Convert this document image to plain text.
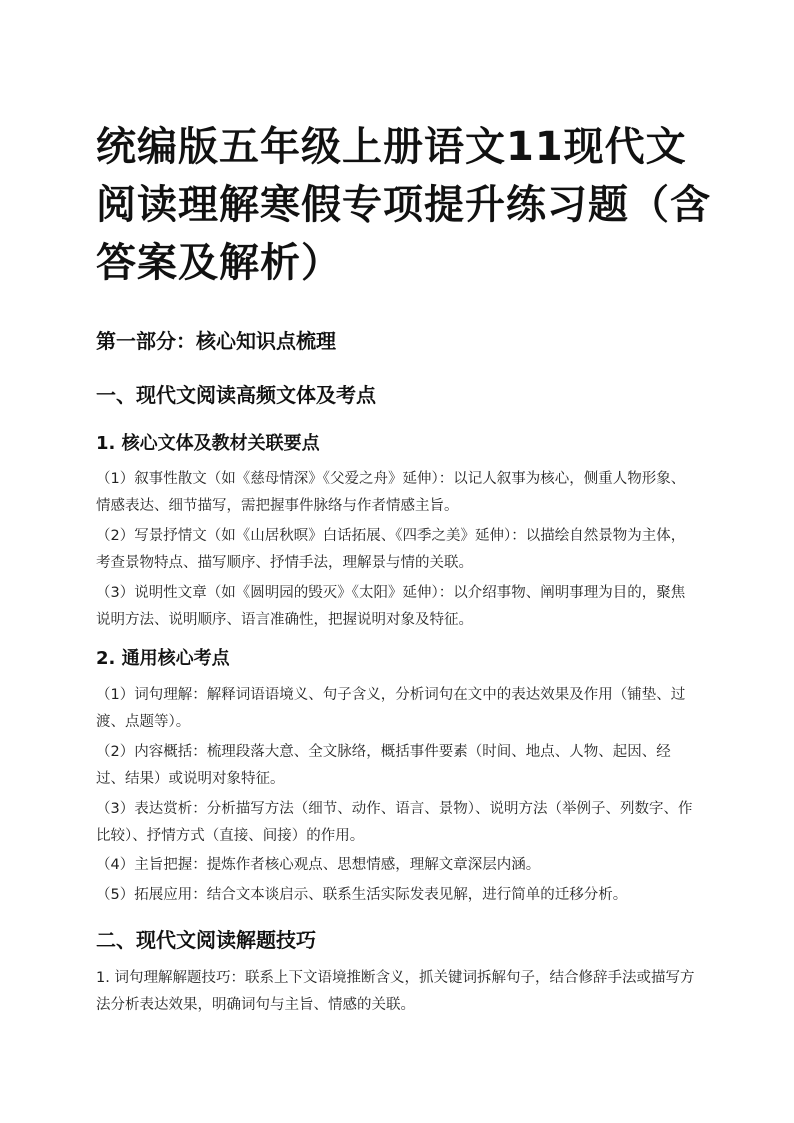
统编版五年级上册语文11现代文阅读理解寒假专项提升练习题（含答案及解析）
第一部分：核心知识点梳理
一、现代文阅读高频文体及考点
1. 核心文体及教材关联要点

（1）叙事性散文（如《慈母情深》《父爱之舟》延伸）：以记人叙事为核心，侧重人物形象、情感表达、细节描写，需把握事件脉络与作者情感主旨。

（2）写景抒情文（如《山居秋暝》白话拓展、《四季之美》延伸）：以描绘自然景物为主体，考查景物特点、描写顺序、抒情手法，理解景与情的关联。

（3）说明性文章（如《圆明园的毁灭》《太阳》延伸）：以介绍事物、阐明事理为目的，聚焦说明方法、说明顺序、语言准确性，把握说明对象及特征。

2. 通用核心考点

（1）词句理解：解释词语语境义、句子含义，分析词句在文中的表达效果及作用（铺垫、过渡、点题等）。

（2）内容概括：梳理段落大意、全文脉络，概括事件要素（时间、地点、人物、起因、经过、结果）或说明对象特征。

（3）表达赏析：分析描写方法（细节、动作、语言、景物）、说明方法（举例子、列数字、作比较）、抒情方式（直接、间接）的作用。

（4）主旨把握：提炼作者核心观点、思想情感，理解文章深层内涵。

（5）拓展应用：结合文本谈启示、联系生活实际发表见解，进行简单的迁移分析。

二、现代文阅读解题技巧

1. 词句理解解题技巧：联系上下文语境推断含义，抓关键词拆解句子，结合修辞手法或描写方法分析表达效果，明确词句与主旨、情感的关联。
